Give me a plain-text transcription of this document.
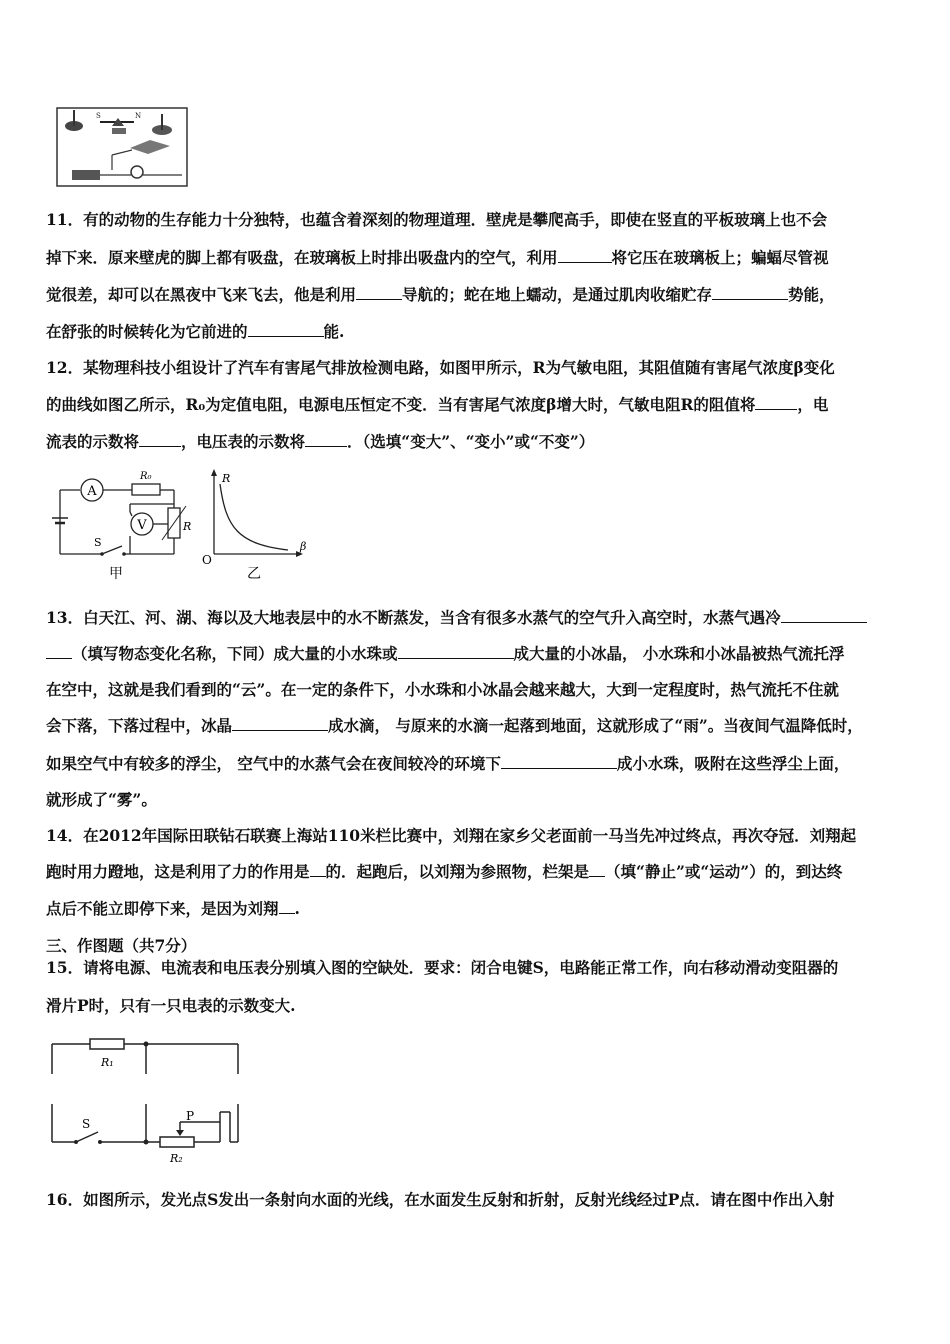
S	N
11．有的动物的生存能力十分独特，也蕴含着深刻的物理道理．壁虎是攀爬高手，即使在竖直的平板玻璃上也不会
掉下来．原来壁虎的脚上都有吸盘，在玻璃板上时排出吸盘内的空气，利用	将它压在玻璃板上；蝙蝠尽管视
觉很差，却可以在黑夜中飞来飞去，他是利用	导航的；蛇在地上蠕动，是通过肌肉收缩贮存	势能，
在舒张的时候转化为它前进的	能.
12．某物理科技小组设计了汽车有害尾气排放检测电路，如图甲所示，R为气敏电阻，其阻值随有害尾气浓度β变化
的曲线如图乙所示，R₀为定值电阻，电源电压恒定不变．当有害尾气浓度β增大时，气敏电阻R的阻值将	，电
流表的示数将	，电压表的示数将	．（选填“变大”、“变小”或“不变”）
A
R₀
R
V
S
甲
R
β
O
乙
13．白天江、河、湖、海以及大地表层中的水不断蒸发，当含有很多水蒸气的空气升入高空时，水蒸气遇冷
（填写物态变化名称，下同）成大量的小水珠或	成大量的小冰晶， 小水珠和小冰晶被热气流托浮
在空中，这就是我们看到的“云”。在一定的条件下，小水珠和小冰晶会越来越大，大到一定程度时，热气流托不住就
会下落，下落过程中，冰晶	成水滴， 与原来的水滴一起落到地面，这就形成了“雨”。当夜间气温降低时，
如果空气中有较多的浮尘， 空气中的水蒸气会在夜间较冷的环境下	成小水珠，吸附在这些浮尘上面，
就形成了“雾”。
14．在2012年国际田联钻石联赛上海站110米栏比赛中，刘翔在家乡父老面前一马当先冲过终点，再次夺冠．刘翔起
跑时用力蹬地，这是利用了力的作用是 的．起跑后，以刘翔为参照物，栏架是 （填“静止”或“运动”）的，到达终
点后不能立即停下来，是因为刘翔 .
三、作图题（共7分）
15．请将电源、电流表和电压表分别填入图的空缺处．要求：闭合电键S，电路能正常工作，向右移动滑动变阻器的
滑片P时，只有一只电表的示数变大.
R₁
S
P
R₂
16．如图所示，发光点S发出一条射向水面的光线，在水面发生反射和折射，反射光线经过P点．请在图中作出入射
